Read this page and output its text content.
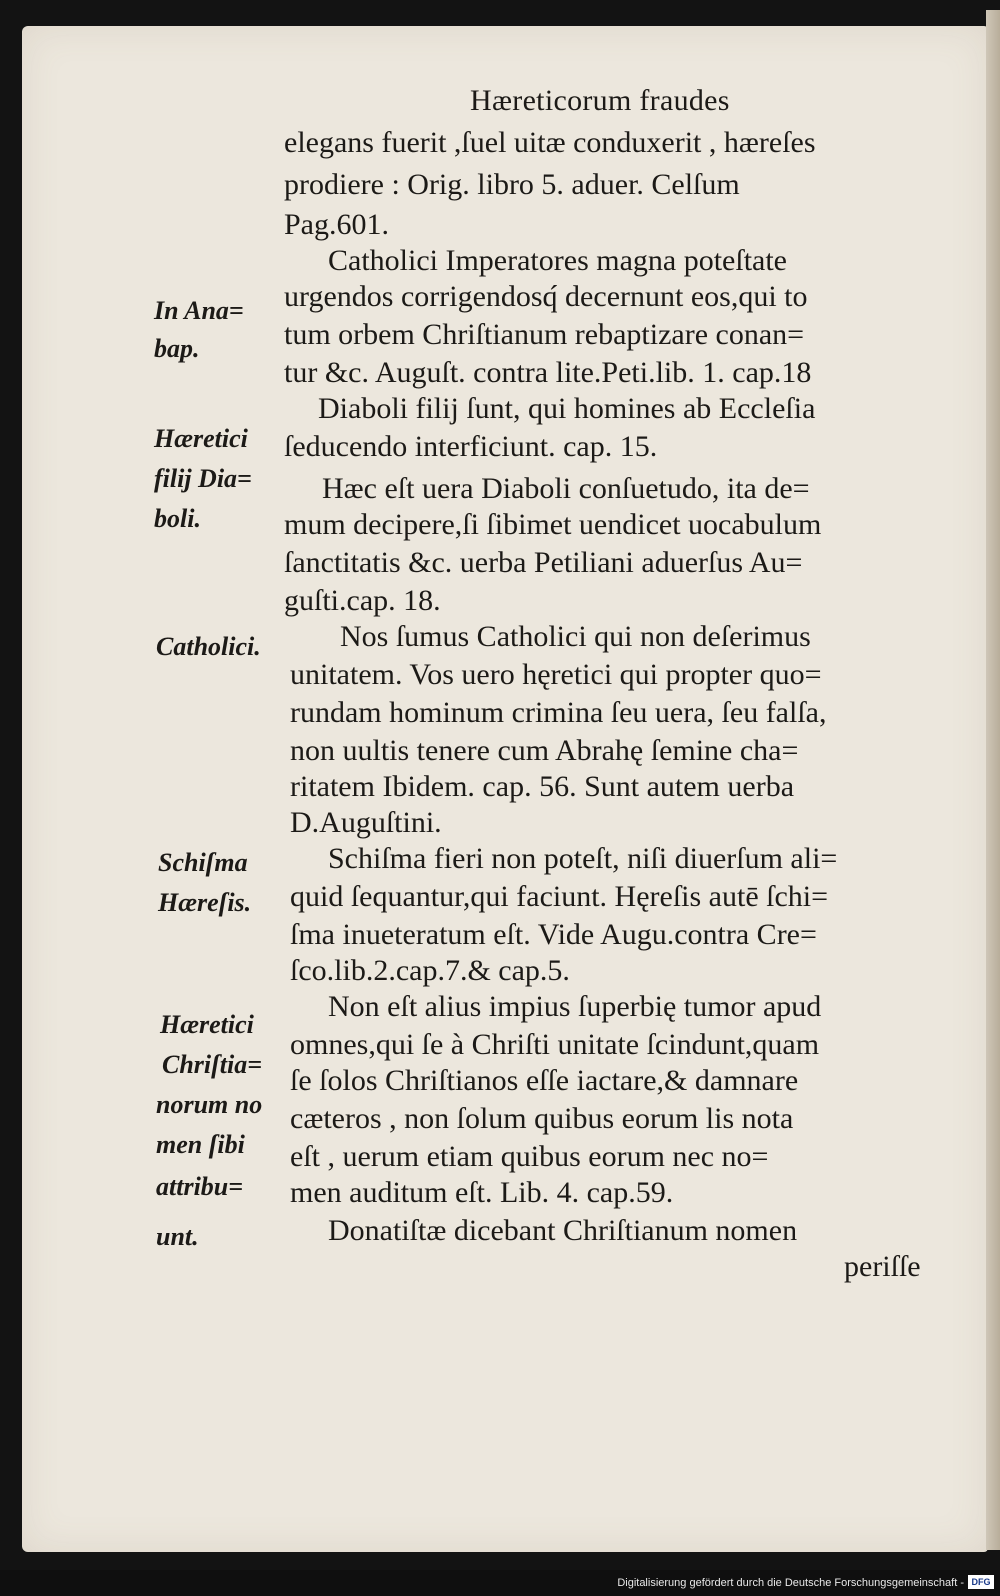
Hæreticorum fraudes
elegans fuerit ,ſuel uitæ conduxerit , hæreſes
prodiere : Orig. libro 5. aduer. Celſum
Pag.601.
Catholici Imperatores magna poteſtate
urgendos corrigendosq́ decernunt eos,qui to
tum orbem Chriſtianum rebaptizare conan=
tur &c. Auguſt. contra lite.Peti.lib. 1. cap.18
Diaboli filij ſunt, qui homines ab Eccleſia
ſeducendo interficiunt. cap. 15.
Hæc eſt uera Diaboli conſuetudo, ita de=
mum decipere,ſi ſibimet uendicet uocabulum
ſanctitatis &c. uerba Petiliani aduerſus Au=
guſti.cap. 18.
Nos ſumus Catholici qui non deſerimus
unitatem. Vos uero hęretici qui propter quo=
rundam hominum crimina ſeu uera, ſeu falſa,
non uultis tenere cum Abrahę ſemine cha=
ritatem Ibidem. cap. 56. Sunt autem uerba
D.Auguſtini.
Schiſma fieri non poteſt, niſi diuerſum ali=
quid ſequantur,qui faciunt. Hęreſis autē ſchi=
ſma inueteratum eſt. Vide Augu.contra Cre=
ſco.lib.2.cap.7.& cap.5.
Non eſt alius impius ſuperbię tumor apud
omnes,qui ſe à Chriſti unitate ſcindunt,quam
ſe ſolos Chriſtianos eſſe iactare,& damnare
cæteros , non ſolum quibus eorum lis nota
eſt , uerum etiam quibus eorum nec no=
men auditum eſt. Lib. 4. cap.59.
Donatiſtæ dicebant Chriſtianum nomen
periſſe
In Ana=
bap.
Hæretici
filij Dia=
boli.
Catholici.
Schiſma
Hæreſis.
Hæretici
Chriſtia=
norum no
men ſibi
attribu=
unt.
Digitalisierung gefördert durch die Deutsche Forschungsgemeinschaft - DFG
